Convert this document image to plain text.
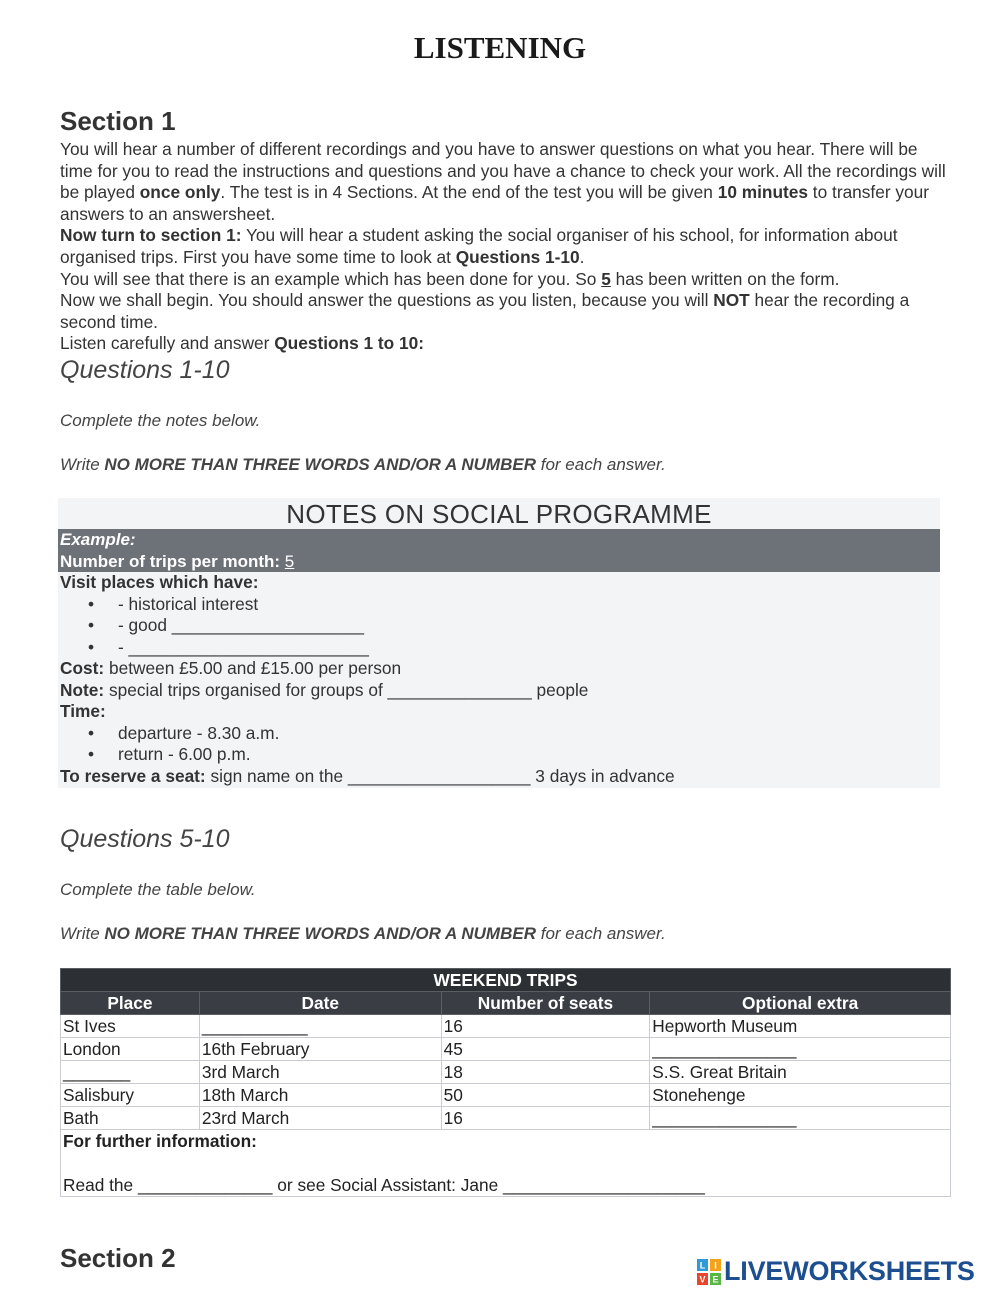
LISTENING
Section 1
You will hear a number of different recordings and you have to answer questions on what you hear. There will be time for you to read the instructions and questions and you have a chance to check your work. All the recordings will be played once only. The test is in 4 Sections. At the end of the test you will be given 10 minutes to transfer your answers to an answersheet.
Now turn to section 1: You will hear a student asking the social organiser of his school, for information about organised trips. First you have some time to look at Questions 1-10.
You will see that there is an example which has been done for you. So 5 has been written on the form.
Now we shall begin. You should answer the questions as you listen, because you will NOT hear the recording a second time.
Listen carefully and answer Questions 1 to 10:
Questions 1-10
Complete the notes below.
Write NO MORE THAN THREE WORDS AND/OR A NUMBER for each answer.
NOTES ON SOCIAL PROGRAMME
Example:
Number of trips per month: 5
Visit places which have:
•	- historical interest
•	- good ____________________
•	- _________________________
Cost: between £5.00 and £15.00 per person
Note: special trips organised for groups of _______________ people
Time:
•	departure - 8.30 a.m.
•	return - 6.00 p.m.
To reserve a seat: sign name on the ___________________ 3 days in advance
Questions 5-10
Complete the table below.
Write NO MORE THAN THREE WORDS AND/OR A NUMBER for each answer.
WEEKEND TRIPS			
Place	Date	Number of seats	Optional extra
St Ives	___________	16	Hepworth Museum
London	16th February	45	_______________
_______	3rd March	18	S.S. Great Britain
Salisbury	18th March	50	Stonehenge
Bath	23rd March	16	_______________

For further information:
Read the ______________ or see Social Assistant: Jane _____________________			
Section 2	L I
V E LIVEWORKSHEETS
